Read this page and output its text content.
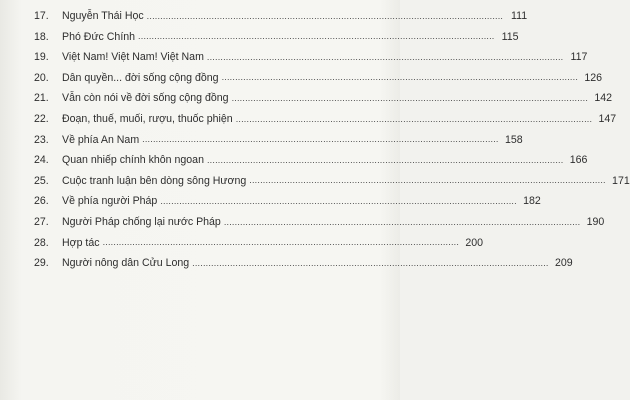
17.	Nguyễn Thái Học .................................................................................................................................... 111
18.	Phó Đức Chính .................................................................................................................................... 115
19.	Việt Nam! Việt Nam! Việt Nam .................................................................................................................................... 117
20.	Dân quyền... đời sống cộng đồng .................................................................................................................................... 126
21.	Vẫn còn nói về đời sống cộng đồng .................................................................................................................................... 142
22.	Đoạn, thuế, muối, rượu, thuốc phiện .................................................................................................................................... 147
23.	Về phía An Nam .................................................................................................................................... 158
24.	Quan nhiếp chính khôn ngoan .................................................................................................................................... 166
25.	Cuộc tranh luận bên dòng sông Hương .................................................................................................................................... 171
26.	Về phía người Pháp .................................................................................................................................... 182
27.	Người Pháp chống lại nước Pháp .................................................................................................................................... 190
28.	Hợp tác .................................................................................................................................... 200
29.	Người nông dân Cửu Long .................................................................................................................................... 209
